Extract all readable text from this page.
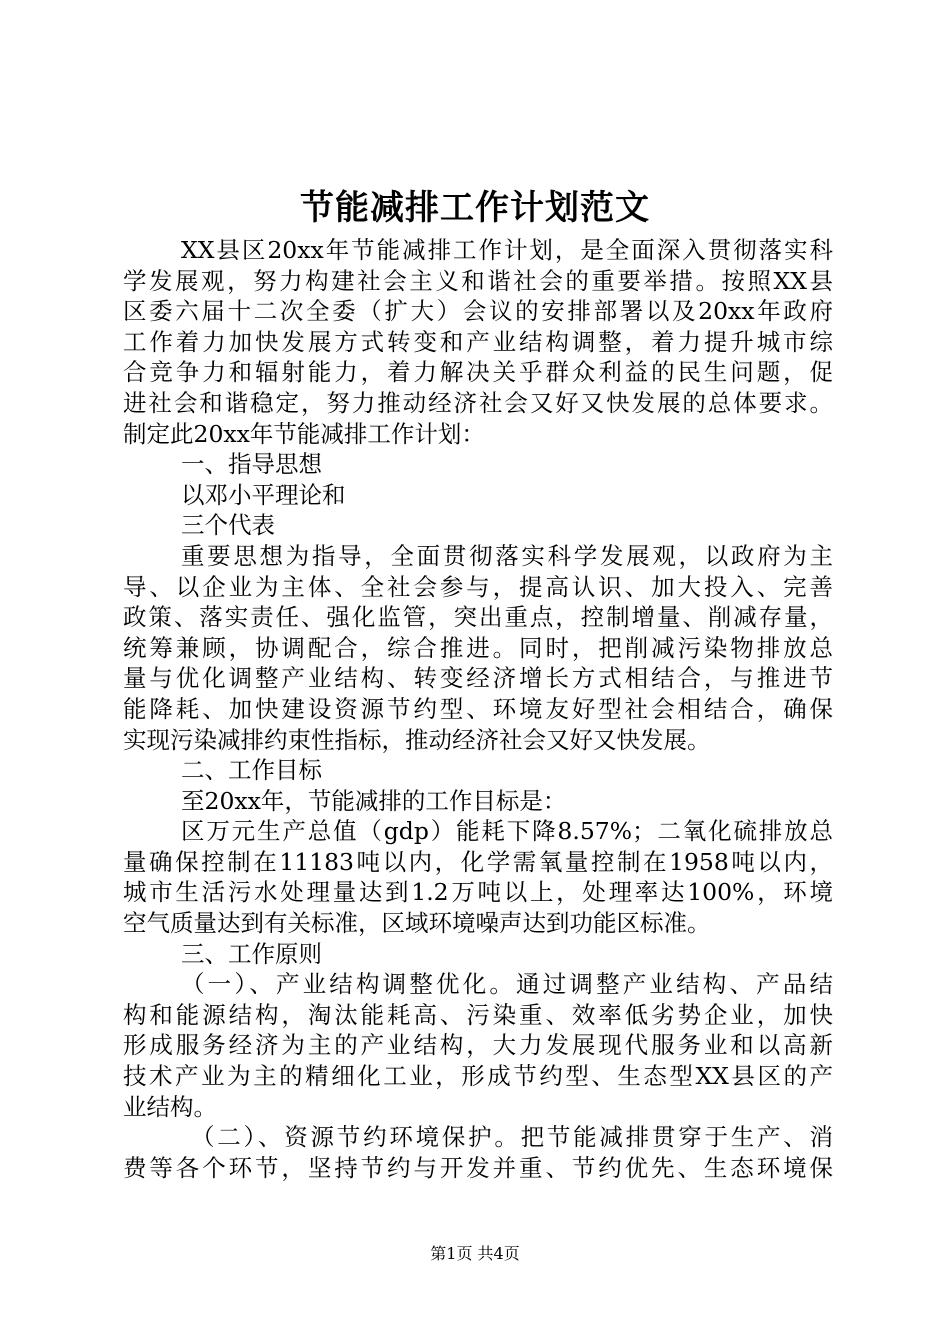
节能减排工作计划范文
XX县区20xx年节能减排工作计划，是全面深入贯彻落实科
学发展观，努力构建社会主义和谐社会的重要举措。按照XX县
区委六届十二次全委（扩大）会议的安排部署以及20xx年政府
工作着力加快发展方式转变和产业结构调整，着力提升城市综
合竞争力和辐射能力，着力解决关乎群众利益的民生问题，促
进社会和谐稳定，努力推动经济社会又好又快发展的总体要求。
制定此20xx年节能减排工作计划：
一、指导思想
以邓小平理论和
三个代表
重要思想为指导，全面贯彻落实科学发展观，以政府为主
导、以企业为主体、全社会参与，提高认识、加大投入、完善
政策、落实责任、强化监管，突出重点，控制增量、削减存量，
统筹兼顾，协调配合，综合推进。同时，把削减污染物排放总
量与优化调整产业结构、转变经济增长方式相结合，与推进节
能降耗、加快建设资源节约型、环境友好型社会相结合，确保
实现污染减排约束性指标，推动经济社会又好又快发展。
二、工作目标
至20xx年，节能减排的工作目标是：
区万元生产总值（gdp）能耗下降8.57%；二氧化硫排放总
量确保控制在11183吨以内，化学需氧量控制在1958吨以内，
城市生活污水处理量达到1.2万吨以上，处理率达100%，环境
空气质量达到有关标准，区域环境噪声达到功能区标准。
三、工作原则
（一）、产业结构调整优化。通过调整产业结构、产品结
构和能源结构，淘汰能耗高、污染重、效率低劣势企业，加快
形成服务经济为主的产业结构，大力发展现代服务业和以高新
技术产业为主的精细化工业，形成节约型、生态型XX县区的产
业结构。
（二）、资源节约环境保护。把节能减排贯穿于生产、消
费等各个环节，坚持节约与开发并重、节约优先、生态环境保
第1页 共4页
